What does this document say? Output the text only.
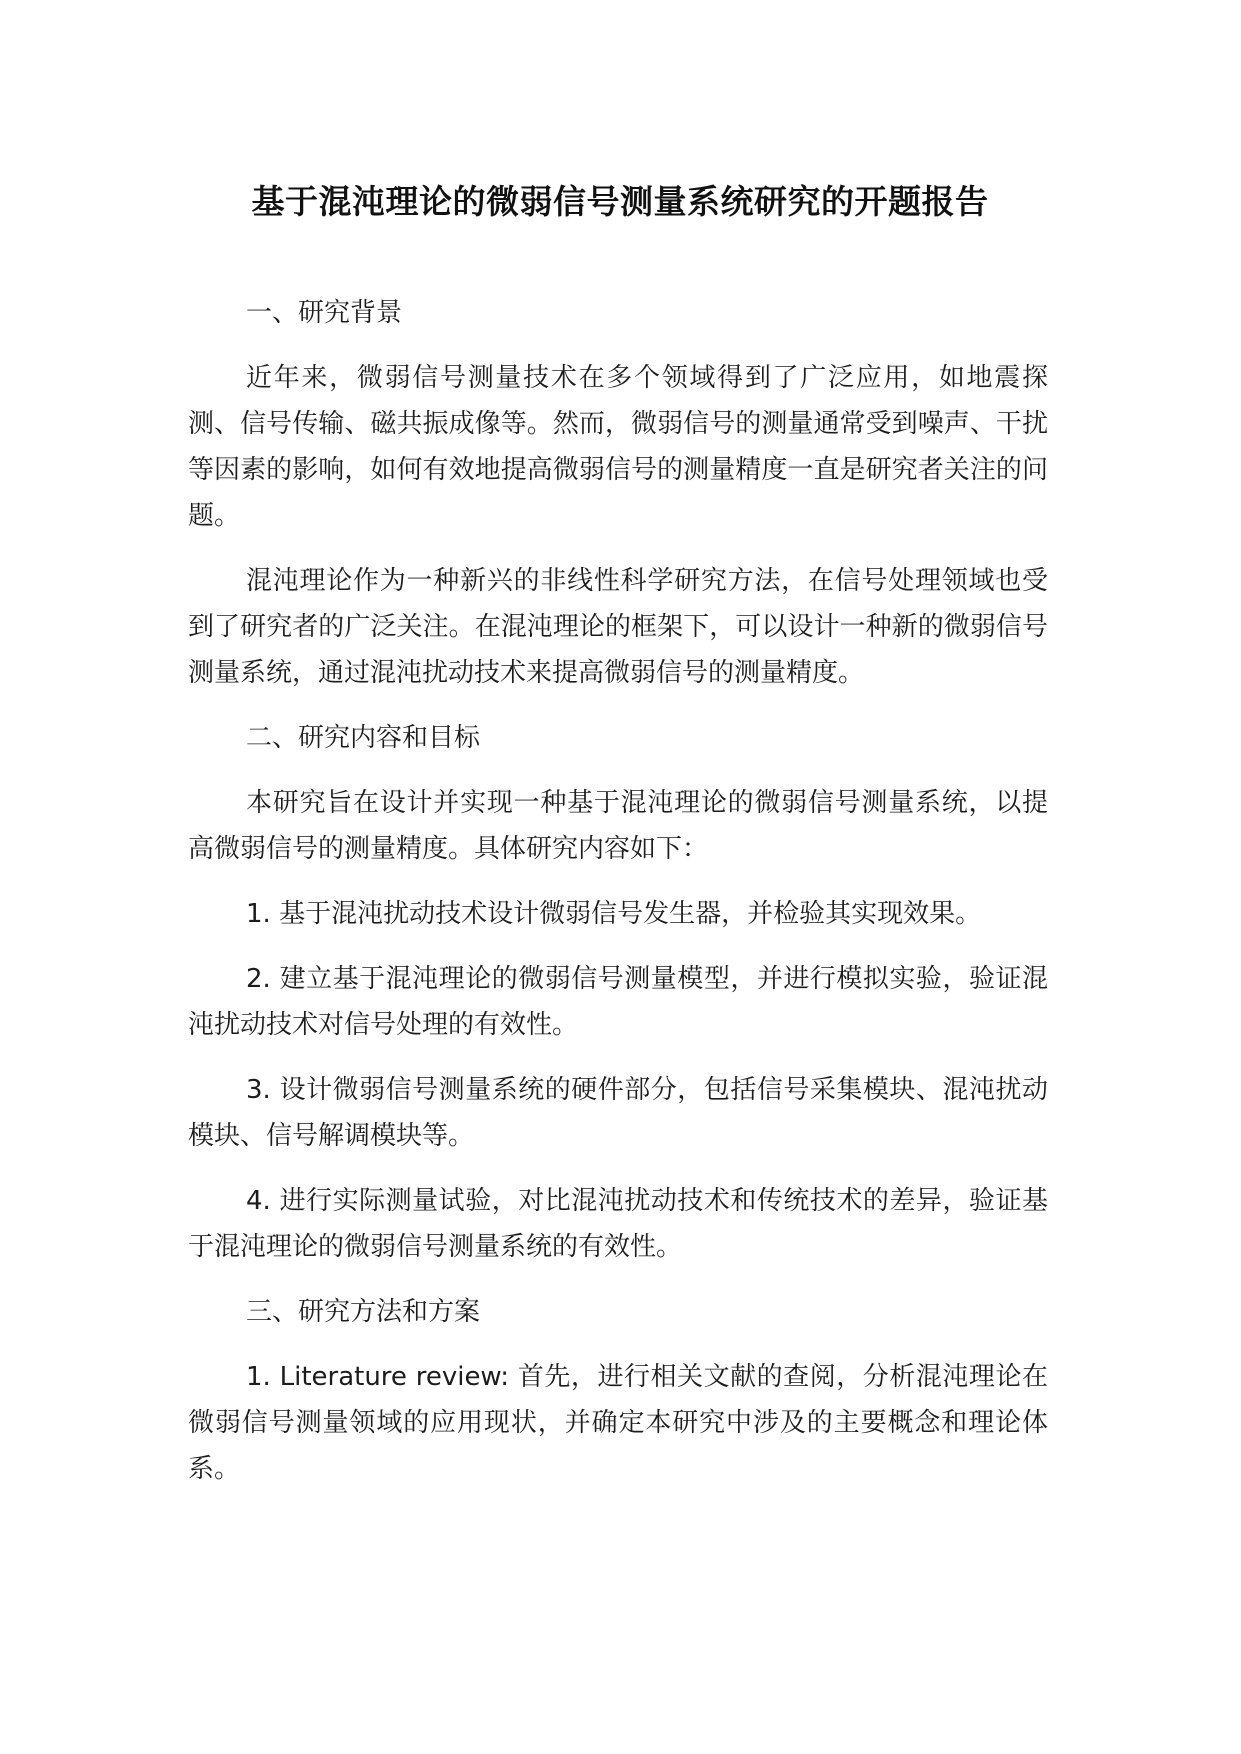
基于混沌理论的微弱信号测量系统研究的开题报告

一、研究背景

近年来，微弱信号测量技术在多个领域得到了广泛应用，如地震探测、信号传输、磁共振成像等。然而，微弱信号的测量通常受到噪声、干扰等因素的影响，如何有效地提高微弱信号的测量精度一直是研究者关注的问题。

混沌理论作为一种新兴的非线性科学研究方法，在信号处理领域也受到了研究者的广泛关注。在混沌理论的框架下，可以设计一种新的微弱信号测量系统，通过混沌扰动技术来提高微弱信号的测量精度。

二、研究内容和目标

本研究旨在设计并实现一种基于混沌理论的微弱信号测量系统，以提高微弱信号的测量精度。具体研究内容如下：

1. 基于混沌扰动技术设计微弱信号发生器，并检验其实现效果。

2. 建立基于混沌理论的微弱信号测量模型，并进行模拟实验，验证混沌扰动技术对信号处理的有效性。

3. 设计微弱信号测量系统的硬件部分，包括信号采集模块、混沌扰动模块、信号解调模块等。

4. 进行实际测量试验，对比混沌扰动技术和传统技术的差异，验证基于混沌理论的微弱信号测量系统的有效性。

三、研究方法和方案

1. Literature review: 首先，进行相关文献的查阅，分析混沌理论在微弱信号测量领域的应用现状，并确定本研究中涉及的主要概念和理论体系。
